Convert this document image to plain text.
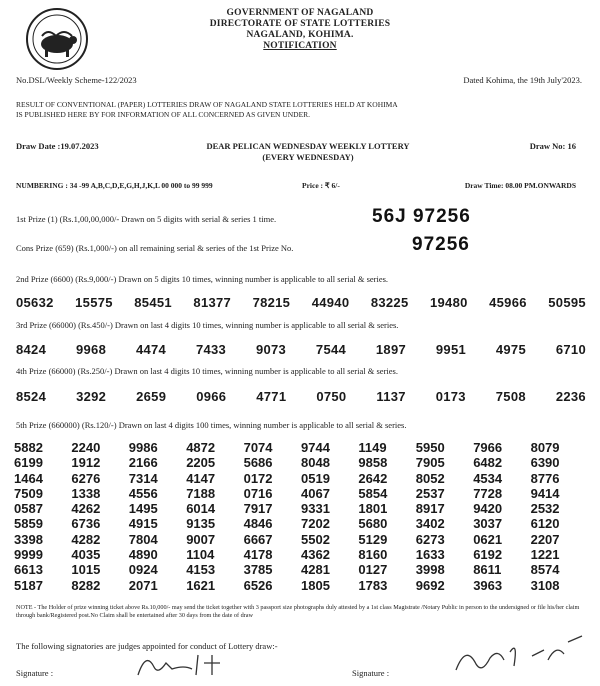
GOVERNMENT OF NAGALAND
DIRECTORATE OF STATE LOTTERIES
NAGALAND, KOHIMA.
NOTIFICATION
No.DSL/Weekly Scheme-122/2023	Dated Kohima, the 19th July'2023.
RESULT OF CONVENTIONAL (PAPER) LOTTERIES DRAW OF NAGALAND STATE LOTTERIES HELD AT KOHIMA
IS PUBLISHED HERE BY FOR INFORMATION OF ALL CONCERNED AS GIVEN UNDER.
Draw Date :19.07.2023	DEAR PELICAN WEDNESDAY WEEKLY LOTTERY
(EVERY WEDNESDAY)
Draw No: 16
NUMBERING : 34 -99 A,B,C,D,E,G,H,J,K,L 00 000 to 99 999	Price : ₹ 6/-	Draw Time: 08.00 PM.ONWARDS
1st Prize (1) (Rs.1,00,00,000/- Drawn on 5 digits with serial & series 1 time.	56J 97256
Cons Prize (659) (Rs.1,000/-) on all remaining serial & series of the 1st Prize No.	97256
2nd Prize (6600) (Rs.9,000/-) Drawn on 5 digits 10 times, winning number is applicable to all serial & series.
05632 15575 85451 81377 78215 44940 83225 19480 45966 50595
3rd Prize (66000) (Rs.450/-) Drawn on last 4 digits 10 times, winning number is applicable to all serial & series.
8424 9968 4474 7433 9073 7544 1897 9951 4975 6710
4th Prize (66000) (Rs.250/-) Drawn on last 4 digits 10 times, winning number is applicable to all serial & series.
8524 3292 2659 0966 4771 0750 1137 0173 7508 2236
5th Prize (660000) (Rs.120/-) Drawn on last 4 digits 100 times, winning number is applicable to all serial & series.
5882	2240	9986	4872	7074	9744	1149	5950	7966	8079
6199	1912	2166	2205	5686	8048	9858	7905	6482	6390
1464	6276	7314	4147	0172	0519	2642	8052	4534	8776
7509	1338	4556	7188	0716	4067	5854	2537	7728	9414
0587	4262	1495	6014	7917	9331	1801	8917	9420	2532
5859	6736	4915	9135	4846	7202	5680	3402	3037	6120
3398	4282	7804	9007	6667	5502	5129	6273	0621	2207
9999	4035	4890	1104	4178	4362	8160	1633	6192	1221
6613	1015	0924	4153	3785	4281	0127	3998	8611	8574
5187	8282	2071	1621	6526	1805	1783	9692	3963	3108
NOTE - The Holder of prize winning ticket above Rs.10,000/- may send the ticket together with 3 passport size photographs duly attested by a 1st class Magistrate /Notary Public in person to the undersigned or file his/her claim through bank/Registered post.No Claim shall be entertained after 30 days from the date of draw
The following signatories are judges appointed for conduct of Lottery draw:-
Signature :	Signature :
